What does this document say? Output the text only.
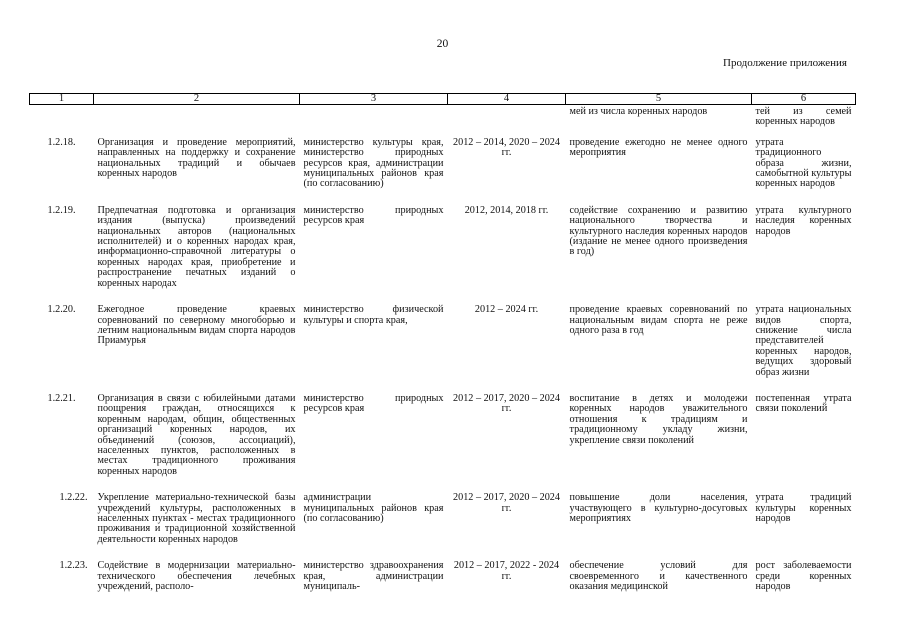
20
Продолжение приложения
1	2	3	4	5	6
				мей из числа коренных народов	тей из семей коренных народов
1.2.18.	Организация и проведение мероприятий, направленных на поддержку и сохранение национальных традиций и обычаев коренных народов	министерство культуры края, министерство природных ресурсов края, администрации муниципальных районов края (по согласованию)	2012 – 2014, 2020 – 2024 гг.	проведение ежегодно не менее одного мероприятия	утрата традиционного образа жизни, самобытной культуры коренных народов
1.2.19.	Предпечатная подготовка и организация издания (выпуска) произведений национальных авторов (национальных исполнителей) и о коренных народах края, информационно-справочной литературы о коренных народах края, приобретение и распространение печатных изданий о коренных народах	министерство природных ресурсов края	2012, 2014, 2018 гг.	содействие сохранению и развитию национального творчества и культурного наследия коренных народов (издание не менее одного произведения в год)	утрата культурного наследия коренных народов
1.2.20.	Ежегодное проведение краевых соревнований по северному многоборью и летним национальным видам спорта народов Приамурья	министерство физической культуры и спорта края,	2012 – 2024 гг.	проведение краевых соревнований по национальным видам спорта не реже одного раза в год	утрата национальных видов спорта, снижение числа представителей коренных народов, ведущих здоровый образ жизни
1.2.21.	Организация в связи с юбилейными датами поощрения граждан, относящихся к коренным народам, общин, общественных организаций коренных народов, их объединений (союзов, ассоциаций), населенных пунктов, расположенных в местах традиционного проживания коренных народов	министерство природных ресурсов края	2012 – 2017, 2020 – 2024 гг.	воспитание в детях и молодежи коренных народов уважительного отношения к традициям и традиционному укладу жизни, укрепление связи поколений	постепенная утрата связи поколений
1.2.22.	Укрепление материально-технической базы учреждений культуры, расположенных в населенных пунктах - местах традиционного проживания и традиционной хозяйственной деятельности коренных народов	администрации муниципальных районов края (по согласованию)	2012 – 2017, 2020 – 2024 гг.	повышение доли населения, участвующего в культурно-досуговых мероприятиях	утрата традиций культуры коренных народов
1.2.23.	Содействие в модернизации материально-технического обеспечения лечебных учреждений, располо-	министерство здравоохранения края, администрации муниципаль-	2012 – 2017, 2022 - 2024 гг.	обеспечение условий для своевременного и качественного оказания медицинской	рост заболеваемости среди коренных народов
